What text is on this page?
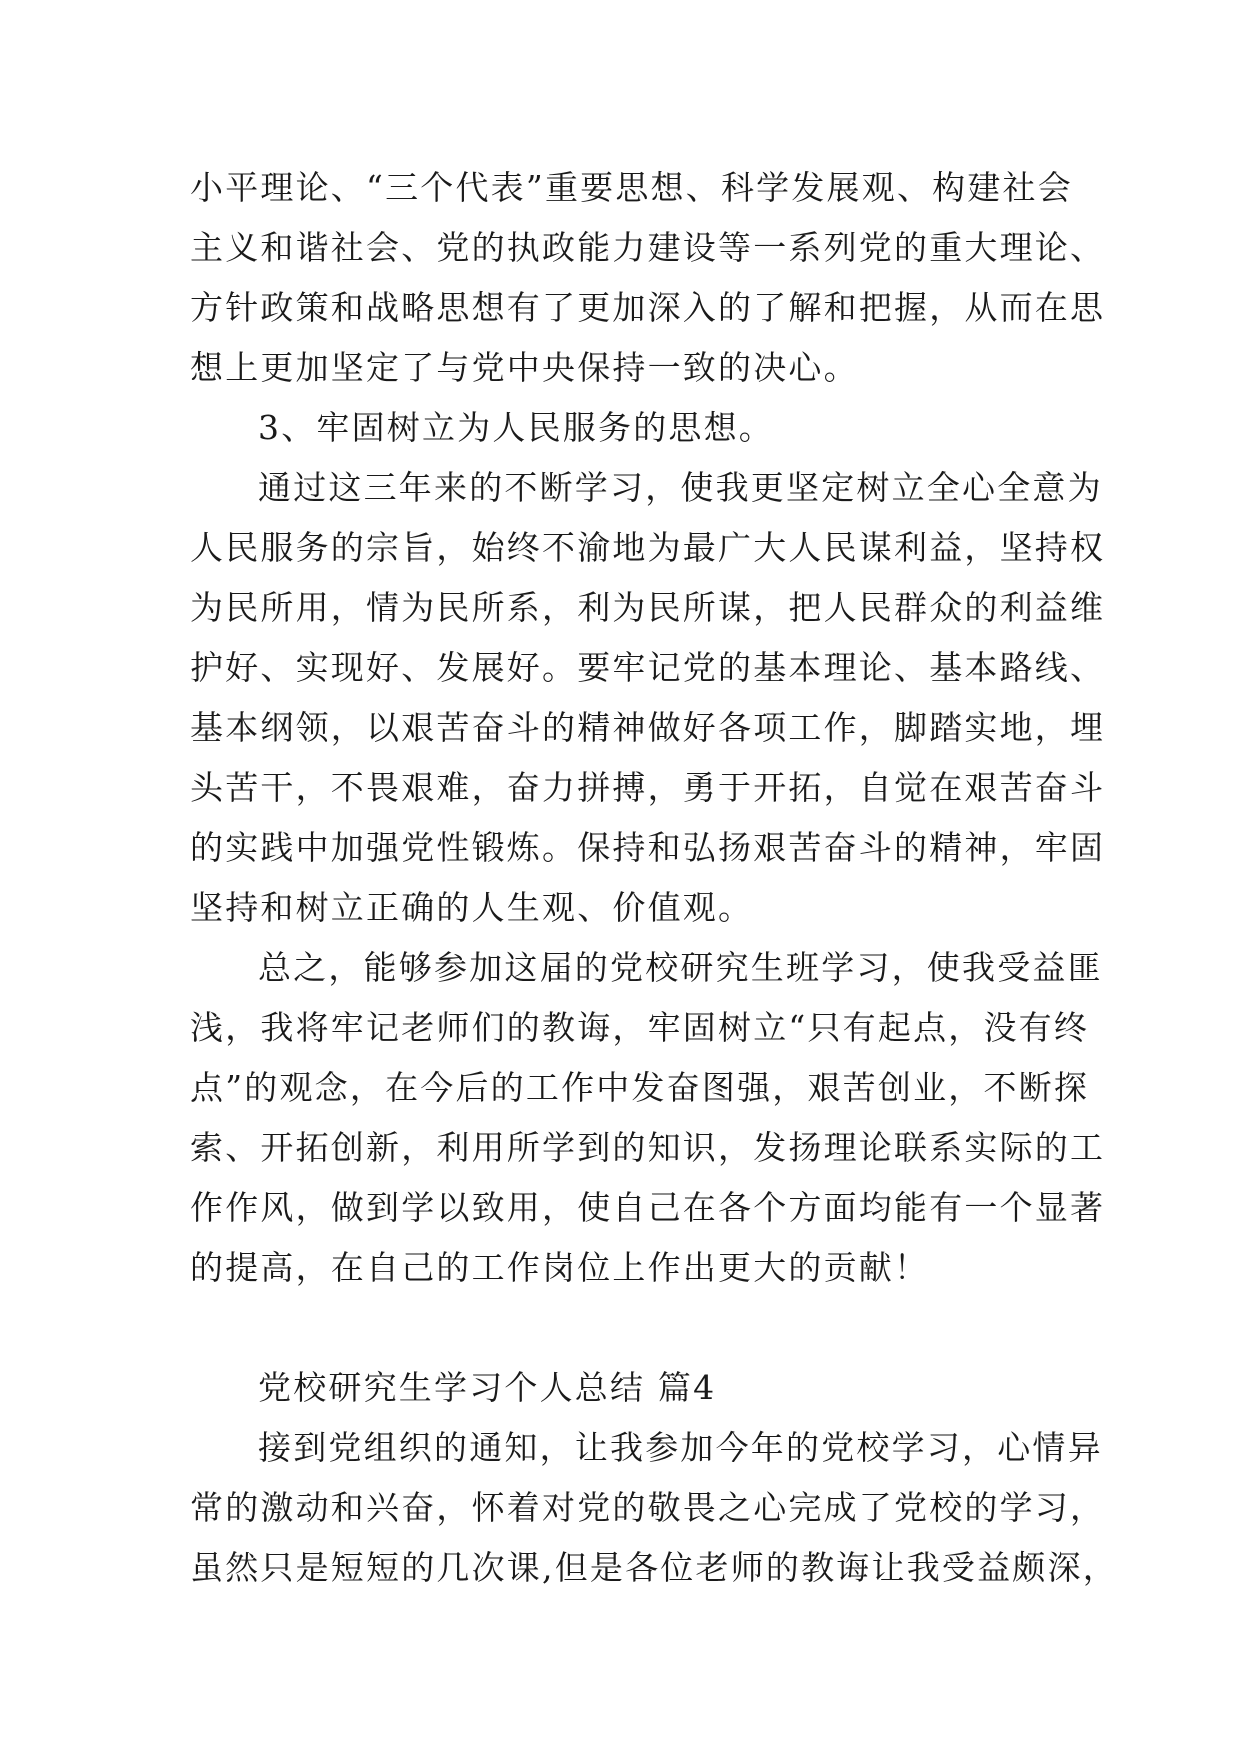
小平理论、“三个代表”重要思想、科学发展观、构建社会
主义和谐社会、党的执政能力建设等一系列党的重大理论、
方针政策和战略思想有了更加深入的了解和把握，从而在思
想上更加坚定了与党中央保持一致的决心。
3、牢固树立为人民服务的思想。
通过这三年来的不断学习，使我更坚定树立全心全意为
人民服务的宗旨，始终不渝地为最广大人民谋利益，坚持权
为民所用，情为民所系，利为民所谋，把人民群众的利益维
护好、实现好、发展好。要牢记党的基本理论、基本路线、
基本纲领，以艰苦奋斗的精神做好各项工作，脚踏实地，埋
头苦干，不畏艰难，奋力拼搏，勇于开拓，自觉在艰苦奋斗
的实践中加强党性锻炼。保持和弘扬艰苦奋斗的精神，牢固
坚持和树立正确的人生观、价值观。
总之，能够参加这届的党校研究生班学习，使我受益匪
浅，我将牢记老师们的教诲，牢固树立“只有起点，没有终
点”的观念，在今后的工作中发奋图强，艰苦创业，不断探
索、开拓创新，利用所学到的知识，发扬理论联系实际的工
作作风，做到学以致用，使自己在各个方面均能有一个显著
的提高，在自己的工作岗位上作出更大的贡献！
党校研究生学习个人总结 篇4
接到党组织的通知，让我参加今年的党校学习，心情异
常的激动和兴奋，怀着对党的敬畏之心完成了党校的学习，
虽然只是短短的几次课,但是各位老师的教诲让我受益颇深，
